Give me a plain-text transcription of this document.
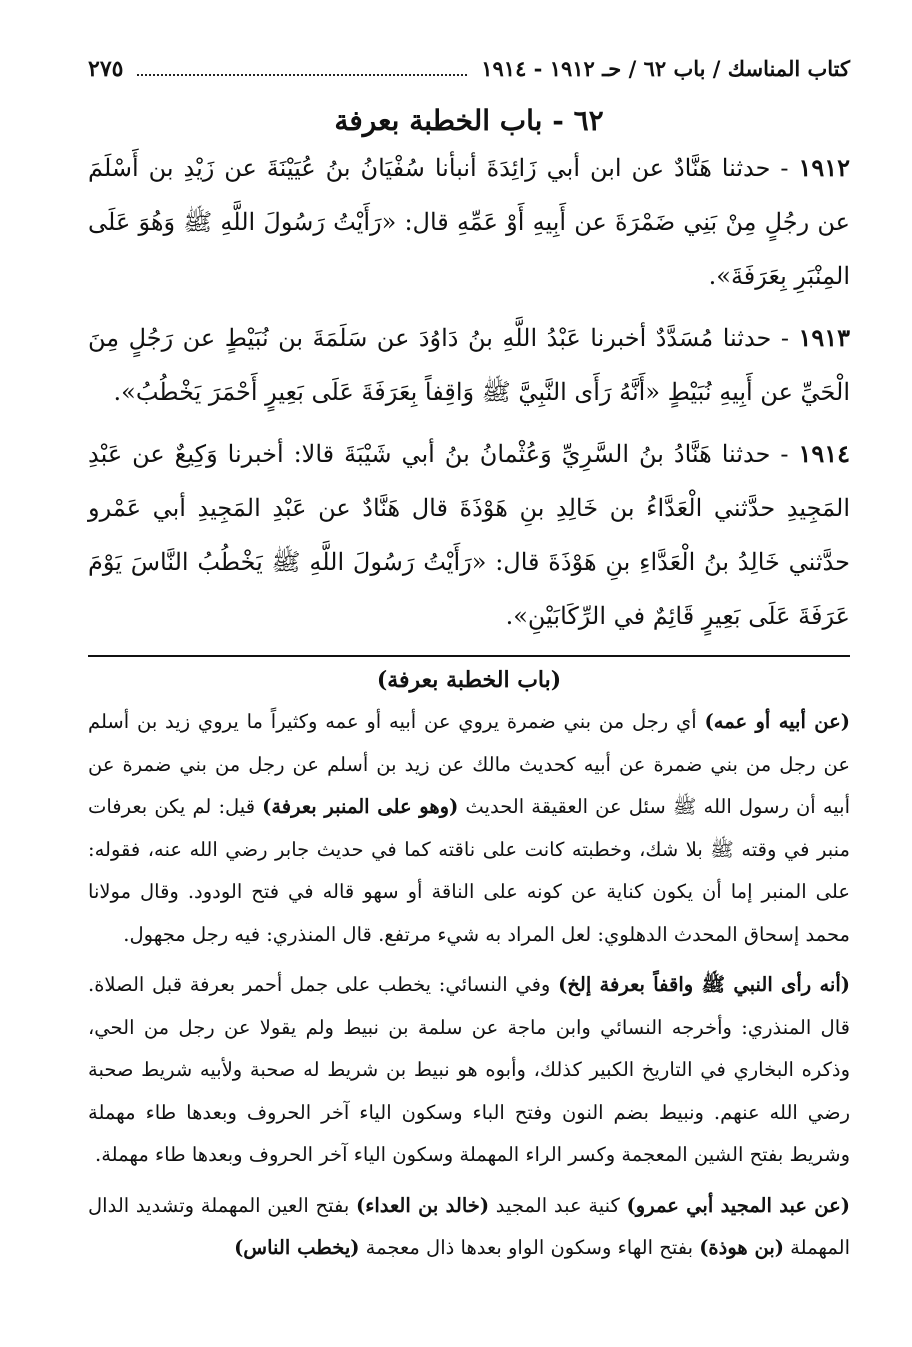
كتاب المناسك / باب ٦٢ / حـ ١٩١٢ - ١٩١٤
٢٧٥
٦٢ - باب الخطبة بعرفة

١٩١٢ - حدثنا هَنَّادٌ عن ابن أبي زَائِدَةَ أنبأنا سُفْيَانُ بنُ عُيَيْنَةَ عن زَيْدِ بن أَسْلَمَ عن رجُلٍ مِنْ بَنِي ضَمْرَةَ عن أَبِيهِ أَوْ عَمِّهِ قال: «رَأَيْتُ رَسُولَ اللَّهِ ﷺ وَهُوَ عَلَى المِنْبَرِ بِعَرَفَةَ».

١٩١٣ - حدثنا مُسَدَّدٌ أخبرنا عَبْدُ اللَّهِ بنُ دَاوُدَ عن سَلَمَةَ بن نُبَيْطٍ عن رَجُلٍ مِنَ الْحَيِّ عن أَبِيهِ نُبَيْطٍ «أَنَّهُ رَأَى النَّبِيَّ ﷺ وَاقِفاً بِعَرَفَةَ عَلَى بَعِيرٍ أَحْمَرَ يَخْطُبُ».

١٩١٤ - حدثنا هَنَّادُ بنُ السَّرِيِّ وَعُثْمانُ بنُ أبي شَيْبَةَ قالا: أخبرنا وَكِيعٌ عن عَبْدِ المَجِيدِ حدَّثني الْعَدَّاءُ بن خَالِدِ بنِ هَوْذَةَ قال هَنَّادٌ عن عَبْدِ المَجِيدِ أبي عَمْرو حدَّثني خَالِدُ بنُ الْعَدَّاءِ بنِ هَوْذَةَ قال: «رَأَيْتُ رَسُولَ اللَّهِ ﷺ يَخْطُبُ النَّاسَ يَوْمَ عَرَفَةَ عَلَى بَعِيرٍ قَائِمٌ في الرِّكَابَيْنِ».

(باب الخطبة بعرفة)

(عن أبيه أو عمه) أي رجل من بني ضمرة يروي عن أبيه أو عمه وكثيراً ما يروي زيد بن أسلم عن رجل من بني ضمرة عن أبيه كحديث مالك عن زيد بن أسلم عن رجل من بني ضمرة عن أبيه أن رسول الله ﷺ سئل عن العقيقة الحديث (وهو على المنبر بعرفة) قيل: لم يكن بعرفات منبر في وقته ﷺ بلا شك، وخطبته كانت على ناقته كما في حديث جابر رضي الله عنه، فقوله: على المنبر إما أن يكون كناية عن كونه على الناقة أو سهو قاله في فتح الودود. وقال مولانا محمد إسحاق المحدث الدهلوي: لعل المراد به شيء مرتفع. قال المنذري: فيه رجل مجهول.

(أنه رأى النبي ﷺ واقفاً بعرفة إلخ) وفي النسائي: يخطب على جمل أحمر بعرفة قبل الصلاة. قال المنذري: وأخرجه النسائي وابن ماجة عن سلمة بن نبيط ولم يقولا عن رجل من الحي، وذكره البخاري في التاريخ الكبير كذلك، وأبوه هو نبيط بن شريط له صحبة ولأبيه شريط صحبة رضي الله عنهم. ونبيط بضم النون وفتح الباء وسكون الياء آخر الحروف وبعدها طاء مهملة وشريط بفتح الشين المعجمة وكسر الراء المهملة وسكون الياء آخر الحروف وبعدها طاء مهملة.

(عن عبد المجيد أبي عمرو) كنية عبد المجيد (خالد بن العداء) بفتح العين المهملة وتشديد الدال المهملة (بن هوذة) بفتح الهاء وسكون الواو بعدها ذال معجمة (يخطب الناس)
